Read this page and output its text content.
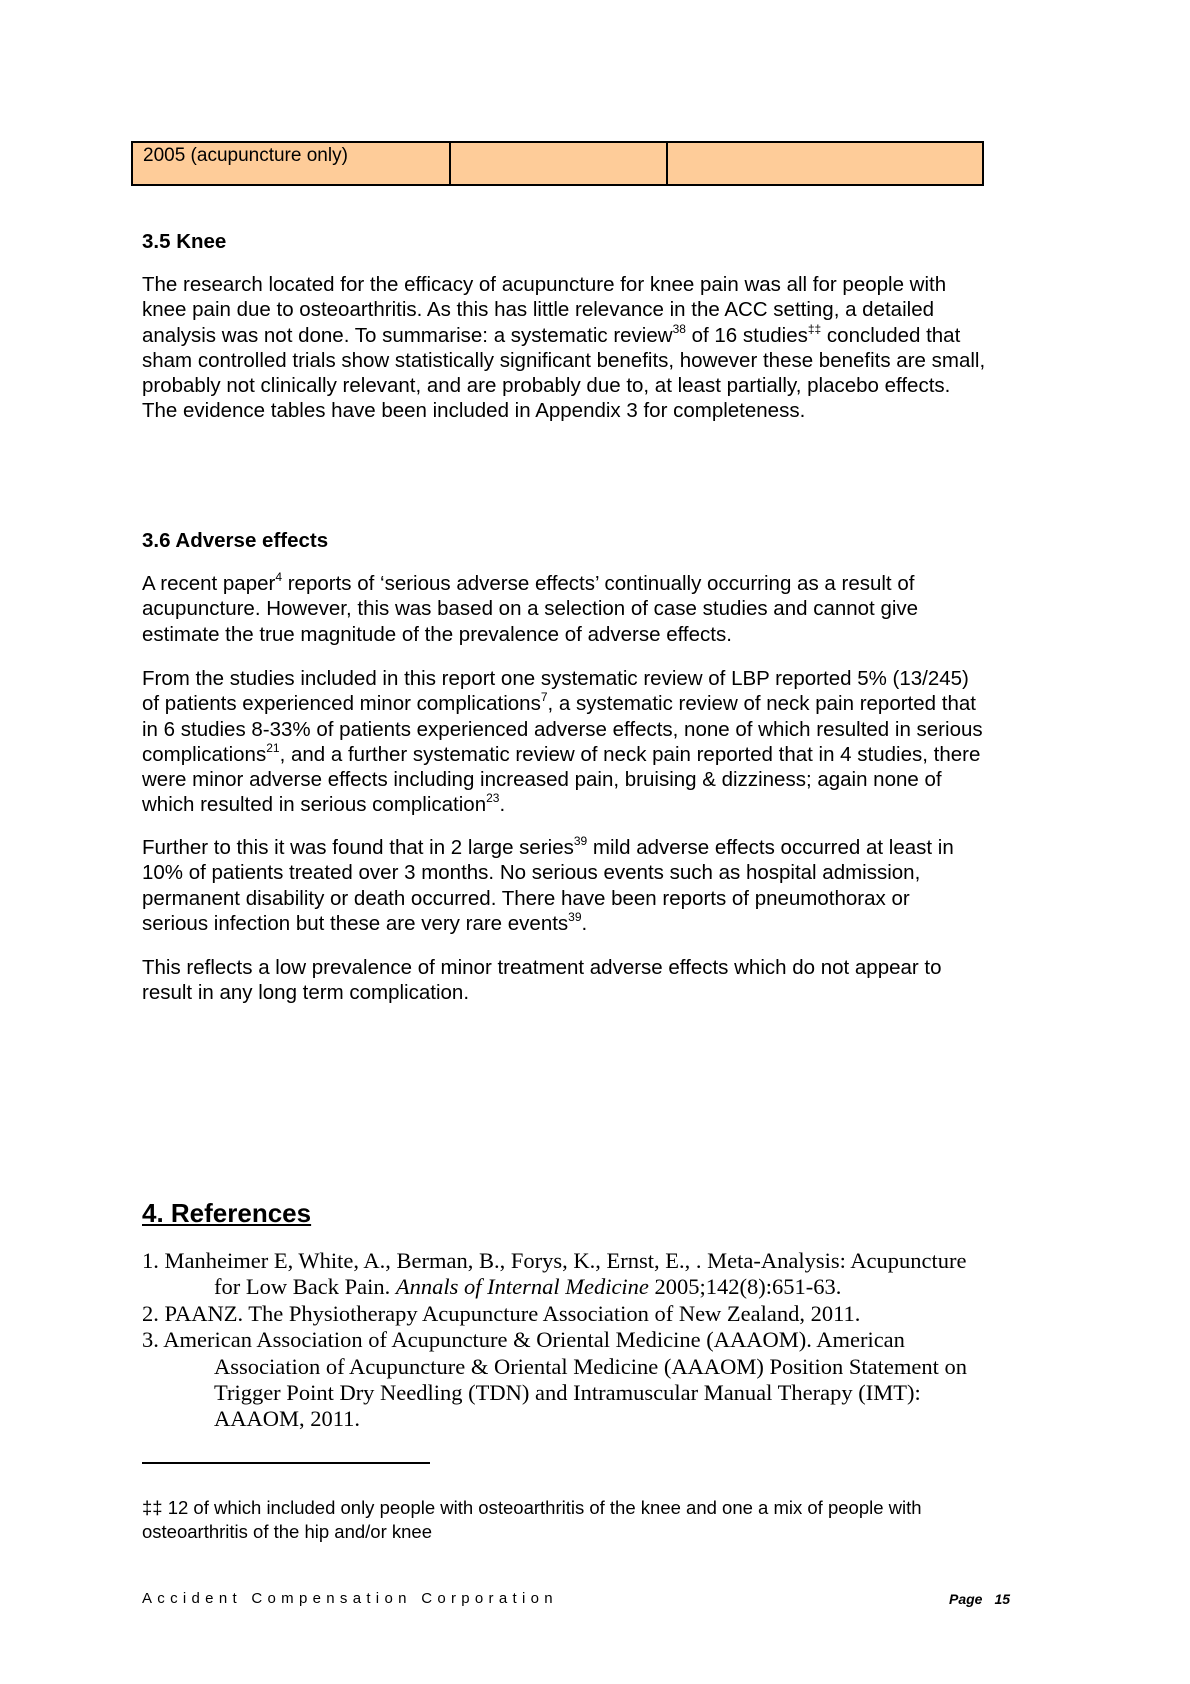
2005 (acupuncture only)		
3.5 Knee
The research located for the efficacy of acupuncture for knee pain was all for people with
knee pain due to osteoarthritis. As this has little relevance in the ACC setting, a detailed
analysis was not done. To summarise: a systematic review$^{38}$ of 16 studies‡‡ concluded that
sham controlled trials show statistically significant benefits, however these benefits are small,
probably not clinically relevant, and are probably due to, at least partially, placebo effects.
The evidence tables have been included in Appendix 3 for completeness.
3.6 Adverse effects
A recent paper$^4$ reports of ‘serious adverse effects’ continually occurring as a result of
acupuncture. However, this was based on a selection of case studies and cannot give
estimate the true magnitude of the prevalence of adverse effects.
From the studies included in this report one systematic review of LBP reported 5% (13/245)
of patients experienced minor complications$^7$, a systematic review of neck pain reported that
in 6 studies 8-33% of patients experienced adverse effects, none of which resulted in serious
complications$^{21}$, and a further systematic review of neck pain reported that in 4 studies, there
were minor adverse effects including increased pain, bruising & dizziness; again none of
which resulted in serious complication$^{23}$.
Further to this it was found that in 2 large series$^{39}$ mild adverse effects occurred at least in
10% of patients treated over 3 months. No serious events such as hospital admission,
permanent disability or death occurred. There have been reports of pneumothorax or
serious infection but these are very rare events$^{39}$.
This reflects a low prevalence of minor treatment adverse effects which do not appear to
result in any long term complication.
4. References
1. Manheimer E, White, A., Berman, B., Forys, K., Ernst, E., . Meta-Analysis: Acupuncture
for Low Back Pain. Annals of Internal Medicine 2005;142(8):651-63.
2. PAANZ. The Physiotherapy Acupuncture Association of New Zealand, 2011.
3. American Association of Acupuncture & Oriental Medicine (AAAOM). American
Association of Acupuncture & Oriental Medicine (AAAOM) Position Statement on
Trigger Point Dry Needling (TDN) and Intramuscular Manual Therapy (IMT):
AAAOM, 2011.
‡‡ 12 of which included only people with osteoarthritis of the knee and one a mix of people with
osteoarthritis of the hip and/or knee
Accident Compensation Corporation	Page 15
